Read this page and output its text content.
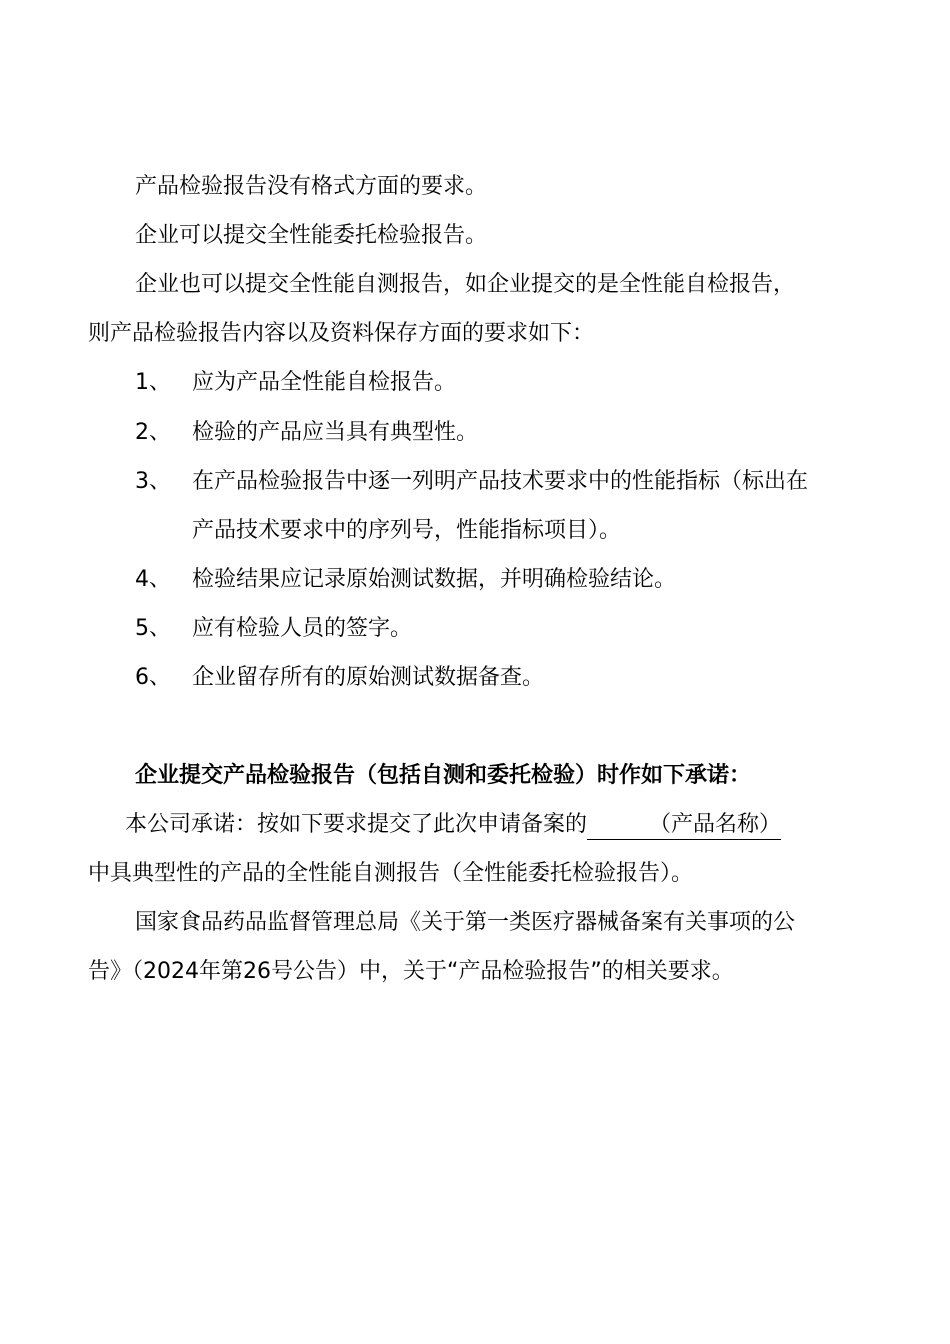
产品检验报告没有格式方面的要求。
企业可以提交全性能委托检验报告。
企业也可以提交全性能自测报告，如企业提交的是全性能自检报告，
则产品检验报告内容以及资料保存方面的要求如下：
1、 应为产品全性能自检报告。
2、 检验的产品应当具有典型性。
3、 在产品检验报告中逐一列明产品技术要求中的性能指标（标出在
产品技术要求中的序列号，性能指标项目）。
4、 检验结果应记录原始测试数据，并明确检验结论。
5、 应有检验人员的签字。
6、 企业留存所有的原始测试数据备查。
企业提交产品检验报告（包括自测和委托检验）时作如下承诺：
本公司承诺：按如下要求提交了此次申请备案的	（产品名称）
中具典型性的产品的全性能自测报告（全性能委托检验报告）。
国家食品药品监督管理总局《关于第一类医疗器械备案有关事项的公
告》（2024年第26号公告）中，关于“产品检验报告”的相关要求。
